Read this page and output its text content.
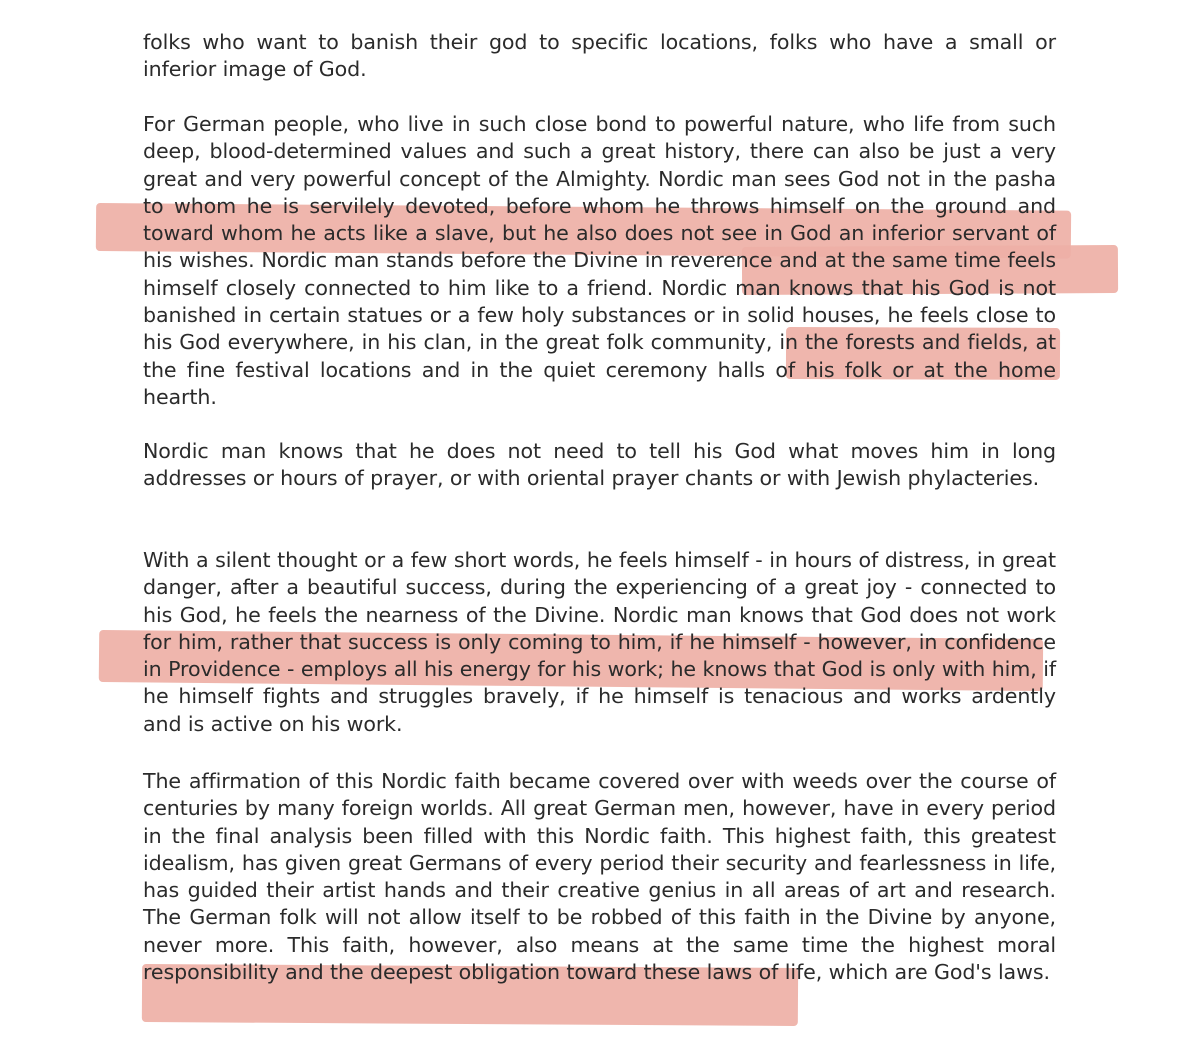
folks who want to banish their god to specific locations, folks who have a small or inferior image of God.

For German people, who live in such close bond to powerful nature, who life from such deep, blood-determined values and such a great history, there can also be just a very great and very powerful concept of the Almighty. Nordic man sees God not in the pasha to whom he is servilely devoted, before whom he throws himself on the ground and toward whom he acts like a slave, but he also does not see in God an inferior servant of his wishes. Nordic man stands before the Divine in reverence and at the same time feels himself closely connected to him like to a friend. Nordic man knows that his God is not banished in certain statues or a few holy substances or in solid houses, he feels close to his God everywhere, in his clan, in the great folk community, in the forests and fields, at the fine festival locations and in the quiet ceremony halls of his folk or at the home hearth.

Nordic man knows that he does not need to tell his God what moves him in long addresses or hours of prayer, or with oriental prayer chants or with Jewish phylacteries.

With a silent thought or a few short words, he feels himself - in hours of distress, in great danger, after a beautiful success, during the experiencing of a great joy - connected to his God, he feels the nearness of the Divine. Nordic man knows that God does not work for him, rather that success is only coming to him, if he himself - however, in confidence in Providence - employs all his energy for his work; he knows that God is only with him, if he himself fights and struggles bravely, if he himself is tenacious and works ardently and is active on his work.

The affirmation of this Nordic faith became covered over with weeds over the course of centuries by many foreign worlds. All great German men, however, have in every period in the final analysis been filled with this Nordic faith. This highest faith, this greatest idealism, has given great Germans of every period their security and fearlessness in life, has guided their artist hands and their creative genius in all areas of art and research. The German folk will not allow itself to be robbed of this faith in the Divine by anyone, never more. This faith, however, also means at the same time the highest moral responsibility and the deepest obligation toward these laws of life, which are God's laws.
